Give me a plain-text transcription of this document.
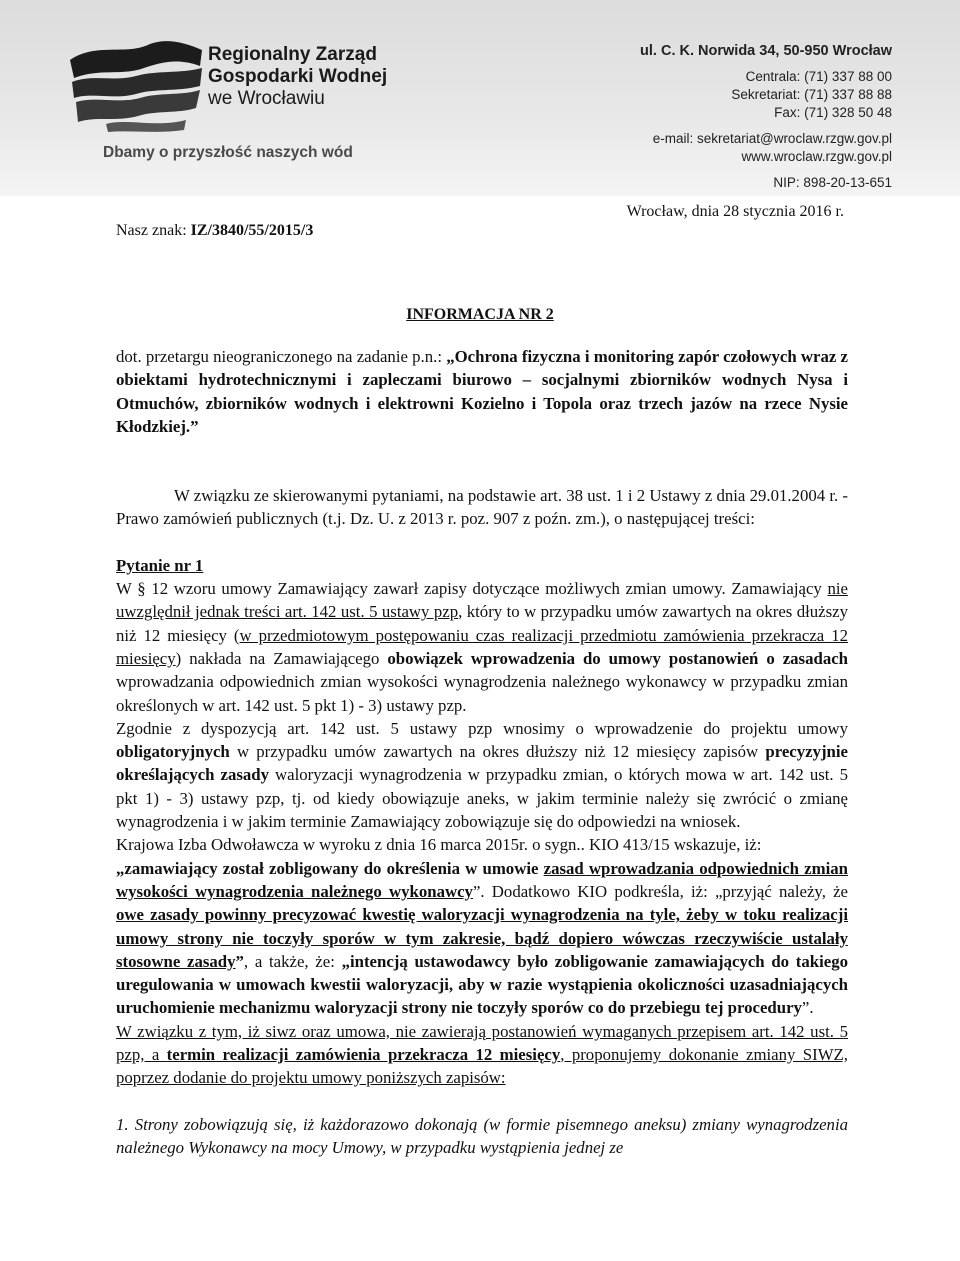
Regionalny Zarząd
Gospodarki Wodnej
we Wrocławiu
Dbamy o przyszłość naszych wód
ul. C. K. Norwida 34, 50-950 Wrocław
Centrala: (71) 337 88 00
Sekretariat: (71) 337 88 88
Fax: (71) 328 50 48
e-mail: sekretariat@wroclaw.rzgw.gov.pl
www.wroclaw.rzgw.gov.pl
NIP: 898-20-13-651
Nasz znak: IZ/3840/55/2015/3
Wrocław, dnia 28 stycznia 2016 r.
INFORMACJA NR 2

dot. przetargu nieograniczonego na zadanie p.n.: „Ochrona fizyczna i monitoring zapór czołowych wraz z obiektami hydrotechnicznymi i zapleczami biurowo – socjalnymi zbiorników wodnych Nysa i Otmuchów, zbiorników wodnych i elektrowni Kozielno i Topola oraz trzech jazów na rzece Nysie Kłodzkiej.”

W związku ze skierowanymi pytaniami, na podstawie art. 38 ust. 1 i 2 Ustawy z dnia 29.01.2004 r. - Prawo zamówień publicznych (t.j. Dz. U. z 2013 r. poz. 907 z poźn. zm.), o następującej treści:

Pytanie nr 1

W § 12 wzoru umowy Zamawiający zawarł zapisy dotyczące możliwych zmian umowy. Zamawiający nie uwzględnił jednak treści art. 142 ust. 5 ustawy pzp, który to w przypadku umów zawartych na okres dłuższy niż 12 miesięcy (w przedmiotowym postępowaniu czas realizacji przedmiotu zamówienia przekracza 12 miesięcy) nakłada na Zamawiającego obowiązek wprowadzenia do umowy postanowień o zasadach wprowadzania odpowiednich zmian wysokości wynagrodzenia należnego wykonawcy w przypadku zmian określonych w art. 142 ust. 5 pkt 1) - 3) ustawy pzp.

Zgodnie z dyspozycją art. 142 ust. 5 ustawy pzp wnosimy o wprowadzenie do projektu umowy obligatoryjnych w przypadku umów zawartych na okres dłuższy niż 12 miesięcy zapisów precyzyjnie określających zasady waloryzacji wynagrodzenia w przypadku zmian, o których mowa w art. 142 ust. 5 pkt 1) - 3) ustawy pzp, tj. od kiedy obowiązuje aneks, w jakim terminie należy się zwrócić o zmianę wynagrodzenia i w jakim terminie Zamawiający zobowiązuje się do odpowiedzi na wniosek.

Krajowa Izba Odwoławcza w wyroku z dnia 16 marca 2015r. o sygn.. KIO 413/15 wskazuje, iż:

„zamawiający został zobligowany do określenia w umowie zasad wprowadzania odpowiednich zmian wysokości wynagrodzenia należnego wykonawcy”. Dodatkowo KIO podkreśla, iż: „przyjąć należy, że owe zasady powinny precyzować kwestię waloryzacji wynagrodzenia na tyle, żeby w toku realizacji umowy strony nie toczyły sporów w tym zakresie, bądź dopiero wówczas rzeczywiście ustalały stosowne zasady”, a także, że: „intencją ustawodawcy było zobligowanie zamawiających do takiego uregulowania w umowach kwestii waloryzacji, aby w razie wystąpienia okoliczności uzasadniających uruchomienie mechanizmu waloryzacji strony nie toczyły sporów co do przebiegu tej procedury”.

W związku z tym, iż siwz oraz umowa, nie zawierają postanowień wymaganych przepisem art. 142 ust. 5 pzp, a termin realizacji zamówienia przekracza 12 miesięcy, proponujemy dokonanie zmiany SIWZ, poprzez dodanie do projektu umowy poniższych zapisów:

1. Strony zobowiązują się, iż każdorazowo dokonają (w formie pisemnego aneksu) zmiany wynagrodzenia należnego Wykonawcy na mocy Umowy, w przypadku wystąpienia jednej ze
